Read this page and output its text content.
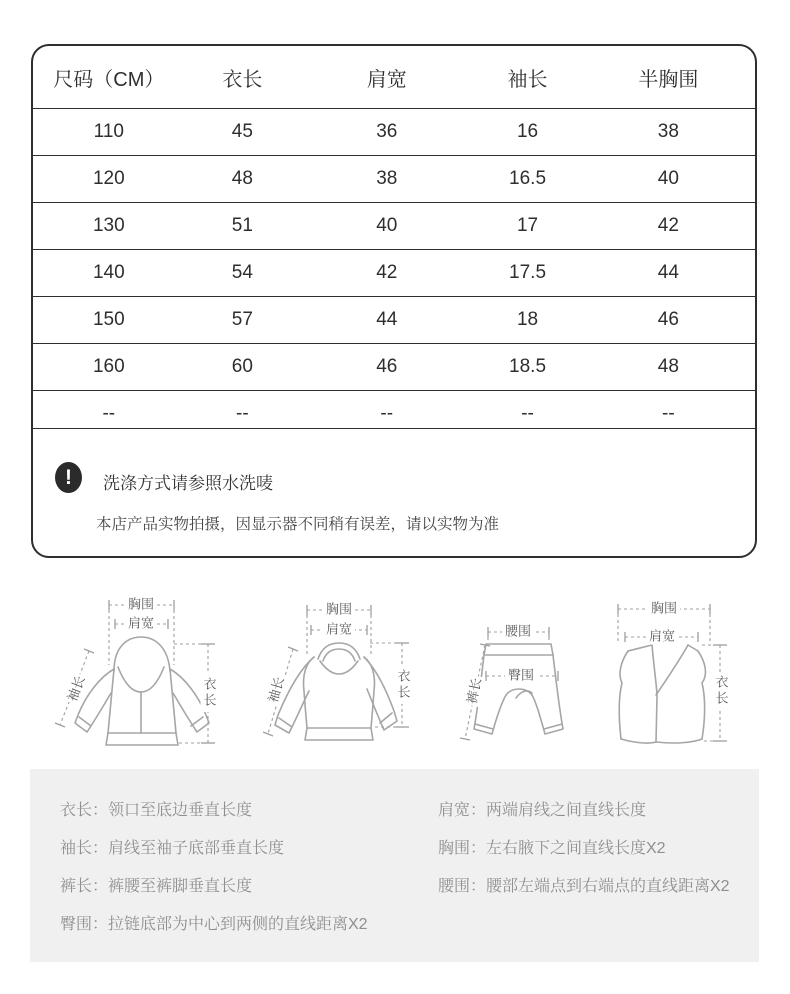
尺码（CM）	衣长	肩宽	袖长	半胸围
110	45	36	16	38
120	48	38	16.5	40
130	51	40	17	42
140	54	42	17.5	44
150	57	44	18	46
160	60	46	18.5	48
--	--	--	--	--
!	洗涤方式请参照水洗唛
本店产品实物拍摄，因显示器不同稍有误差，请以实物为准
胸围
肩宽
袖长	衣长
胸围
肩宽
袖长	衣长
腰围
臀围
裤长
胸围
肩宽
衣长
衣长：领口至底边垂直长度
袖长：肩线至袖子底部垂直长度
裤长：裤腰至裤脚垂直长度
臀围：拉链底部为中心到两侧的直线距离X2
肩宽：两端肩线之间直线长度
胸围：左右腋下之间直线长度X2
腰围：腰部左端点到右端点的直线距离X2
